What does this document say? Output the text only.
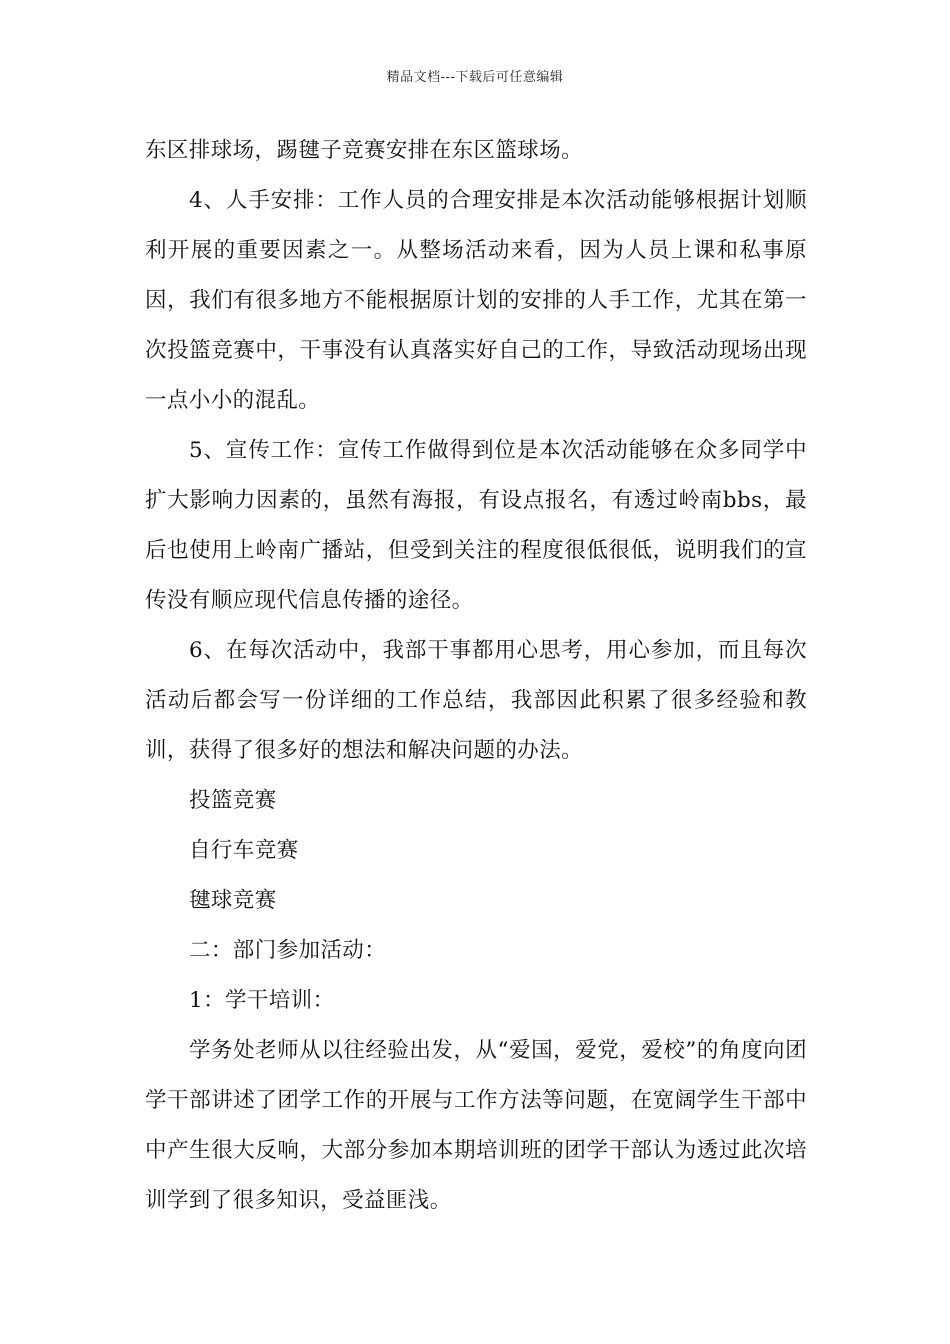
精品文档---下载后可任意编辑

东区排球场，踢毽子竞赛安排在东区篮球场。

4、人手安排：工作人员的合理安排是本次活动能够根据计划顺利开展的重要因素之一。从整场活动来看，因为人员上课和私事原因，我们有很多地方不能根据原计划的安排的人手工作，尤其在第一次投篮竞赛中，干事没有认真落实好自己的工作，导致活动现场出现一点小小的混乱。

5、宣传工作：宣传工作做得到位是本次活动能够在众多同学中扩大影响力因素的，虽然有海报，有设点报名，有透过岭南bbs，最后也使用上岭南广播站，但受到关注的程度很低很低，说明我们的宣传没有顺应现代信息传播的途径。

6、在每次活动中，我部干事都用心思考，用心参加，而且每次活动后都会写一份详细的工作总结，我部因此积累了很多经验和教训，获得了很多好的想法和解决问题的办法。

投篮竞赛

自行车竞赛

毽球竞赛

二：部门参加活动：

1：学干培训：

学务处老师从以往经验出发，从“爱国，爱党，爱校”的角度向团学干部讲述了团学工作的开展与工作方法等问题，在宽阔学生干部中中产生很大反响，大部分参加本期培训班的团学干部认为透过此次培训学到了很多知识，受益匪浅。
